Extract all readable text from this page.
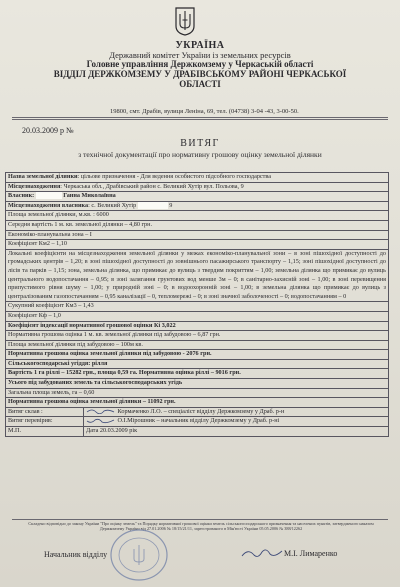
УКРАЇНА
Державний комітет України із земельних ресурсів
Головне управління Держкомзему у Черкаській області
ВІДДІЛ ДЕРЖКОМЗЕМУ У ДРАБІВСЬКОМУ РАЙОНІ ЧЕРКАСЬКОЇ
ОБЛАСТІ
19800, смт. Драбів, вулиця Леніна, 69, тел. (04738) 3-04 -43, 3-00-50.
20.03.2009 р №
ВИТЯГ
з технічної документації про нормативну грошову оцінку земельної ділянки
Назва земельної ділянки: цільове призначення - Для ведення особистого підсобного господарства	
Місцезнаходження: Черкаська обл., Драбівський район с. Великий Хутір вул. Польова, 9	
Власник: Ганна Миколаївна	
Місцезнаходження власника: с. Великий Хутір 9	
Площа земельної ділянки, м.кв. : 6000	
Середня вартість 1 м. кв. земельної ділянки – 4,80 грн.	
Економіко-планувальна зона – I	
Коефіцієнт Км2 – 1,10	
Локальні коефіцієнти на місцезнаходження земельної ділянки у межах економіко-планувальної зони – в зоні пішохідної доступності до громадських центрів – 1,20; в зоні пішохідної доступності до зовнішнього пасажирського транспорту – 1,15; зоні пішохідної доступності до лісів та парків – 1,15; зона, земельна ділянка, що примикає до вулиць з твердим покриттям – 1,00; земельна ділянка що примикає до вулиць центрального водопостачання – 0,95; в зоні залягання грунтових вод менше 3м – 0; в санітарно-захисній зоні – 1,00; в зоні перевищення припустимого рівня шуму – 1,00; у природній зоні – 0; в водоохоронній зоні – 1,00; в земельна ділянка що примикає до вулиць з централізованим газопостачанням – 0,95 каналізації – 0, тепломережі – 0; в зоні значної заболоченості – 0; водопостачанням – 0	
Сукупний коефіцієнт Км3 – 1,43	
Коефіцієнт Кф – 1,0	
Коефіцієнт індексації нормативної грошової оцінки Кі 3,022	
Нормативна грошова оцінка 1 м. кв. земельної ділянки під забудовою – 6,87 грн.	
Площа земельної ділянки під забудовою – 100м кв.	
Нормативна грошова оцінка земельної ділянки під забудовою - 2076 грн.	
Сільськогосподарські угіддя: рілля	
Вартість 1 га ріллі – 15282 грн., площа 0,59 га. Нормативна оцінка ріллі – 9016 грн.	
Усього під забудованих земель та сільськогосподарських угідь	
Загальна площа земель, га – 0,60	
Нормативна грошова оцінка земельної ділянки – 11092 грн.	
Витяг склав :	Кормаченко Л.О. – спеціаліст відділу Держкомзему у Драб. р-н
Витяг перевірив:	О.І.Мірошник – начальник відділу Держкомзему у Драб. р-ні
М.П.	Дата 20.03.2009 рік
Складено відповідно до закону України "Про оцінку земель" та Порядку нормативної грошової оцінки земель сільськогосподарського призначення та населених пунктів, затвердженого наказом Держкомзему України від 27.01.2006 № 18/15/21/11, зареєстрованого в Мін'юсті України 05.05.2006 № 388/12262
Начальник відділу	М.І. Лимаренко
